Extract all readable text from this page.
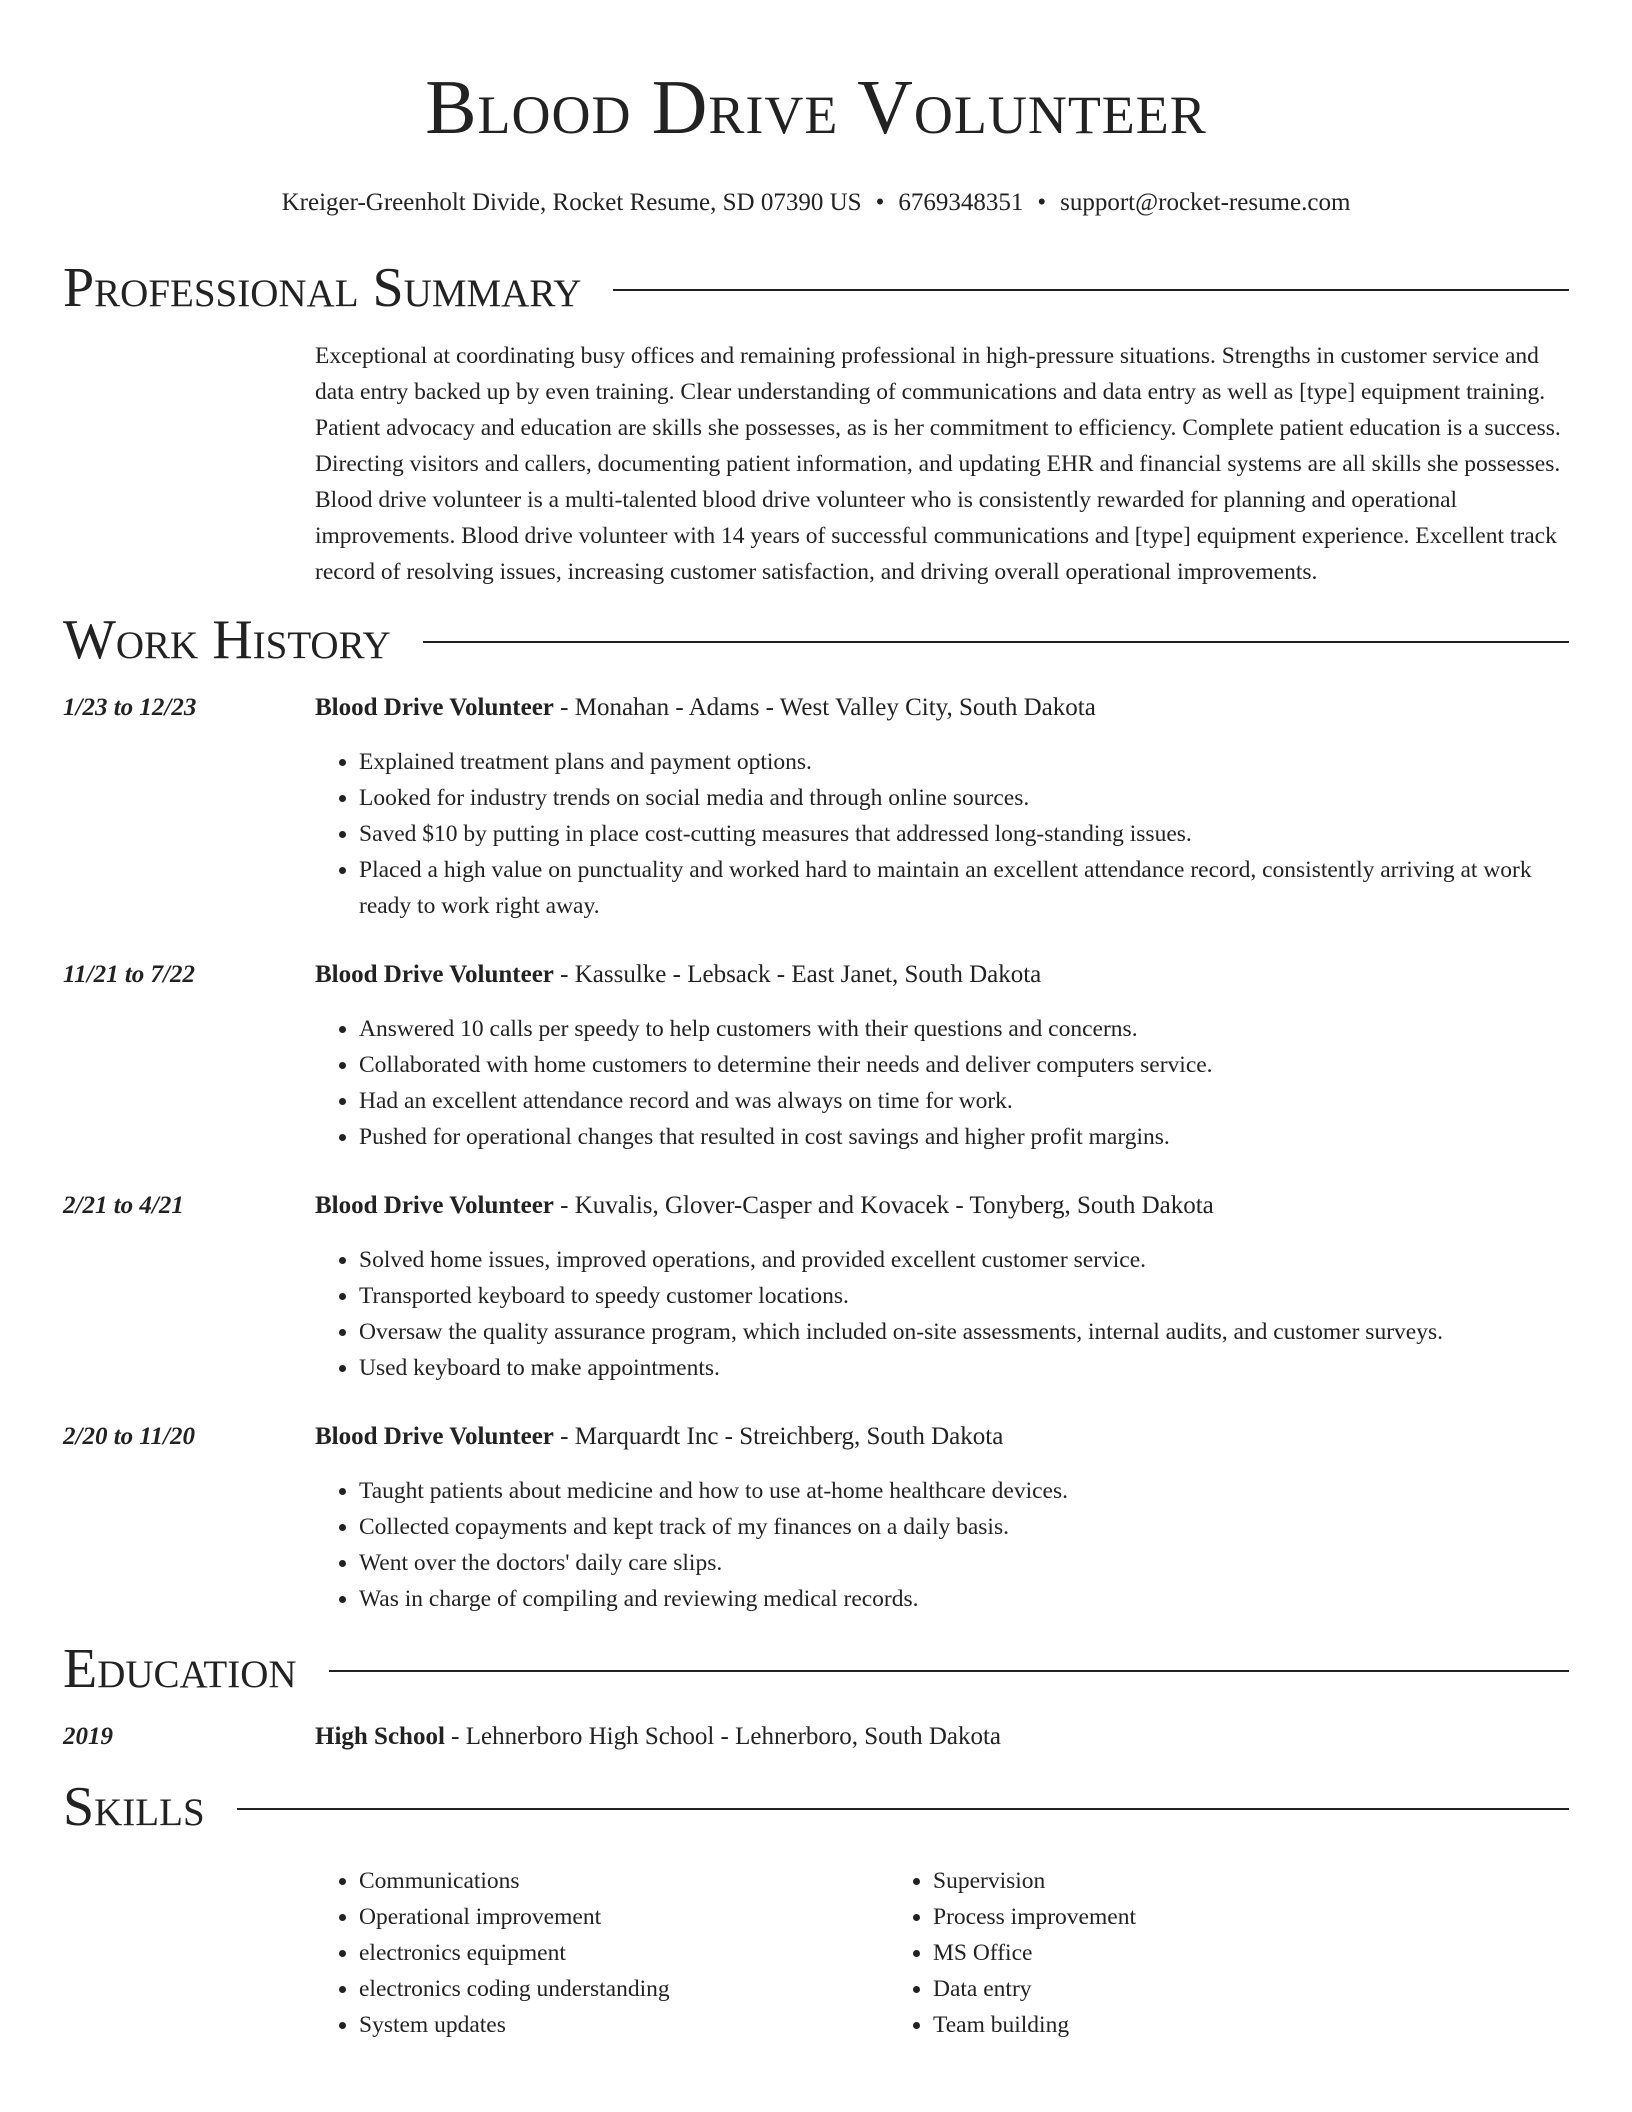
Blood Drive Volunteer
Kreiger-Greenholt Divide, Rocket Resume, SD 07390 US • 6769348351 • support@rocket-resume.com
Professional Summary

Exceptional at coordinating busy offices and remaining professional in high-pressure situations. Strengths in customer service and data entry backed up by even training. Clear understanding of communications and data entry as well as [type] equipment training. Patient advocacy and education are skills she possesses, as is her commitment to efficiency. Complete patient education is a success. Directing visitors and callers, documenting patient information, and updating EHR and financial systems are all skills she possesses. Blood drive volunteer is a multi-talented blood drive volunteer who is consistently rewarded for planning and operational improvements. Blood drive volunteer with 14 years of successful communications and [type] equipment experience. Excellent track record of resolving issues, increasing customer satisfaction, and driving overall operational improvements.

Work History
1/23 to 12/23	Blood Drive Volunteer - Monahan - Adams - West Valley City, South Dakota
• Explained treatment plans and payment options.
• Looked for industry trends on social media and through online sources.
• Saved $10 by putting in place cost-cutting measures that addressed long-standing issues.
• Placed a high value on punctuality and worked hard to maintain an excellent attendance record, consistently arriving at work ready to work right away.
11/21 to 7/22	Blood Drive Volunteer - Kassulke - Lebsack - East Janet, South Dakota
• Answered 10 calls per speedy to help customers with their questions and concerns.
• Collaborated with home customers to determine their needs and deliver computers service.
• Had an excellent attendance record and was always on time for work.
• Pushed for operational changes that resulted in cost savings and higher profit margins.
2/21 to 4/21	Blood Drive Volunteer - Kuvalis, Glover-Casper and Kovacek - Tonyberg, South Dakota
• Solved home issues, improved operations, and provided excellent customer service.
• Transported keyboard to speedy customer locations.
• Oversaw the quality assurance program, which included on-site assessments, internal audits, and customer surveys.
• Used keyboard to make appointments.
2/20 to 11/20	Blood Drive Volunteer - Marquardt Inc - Streichberg, South Dakota
• Taught patients about medicine and how to use at-home healthcare devices.
• Collected copayments and kept track of my finances on a daily basis.
• Went over the doctors' daily care slips.
• Was in charge of compiling and reviewing medical records.
Education
2019	High School - Lehnerboro High School - Lehnerboro, South Dakota
Skills
• Communications
• Operational improvement
• electronics equipment
• electronics coding understanding
• System updates
• Supervision
• Process improvement
• MS Office
• Data entry
• Team building
